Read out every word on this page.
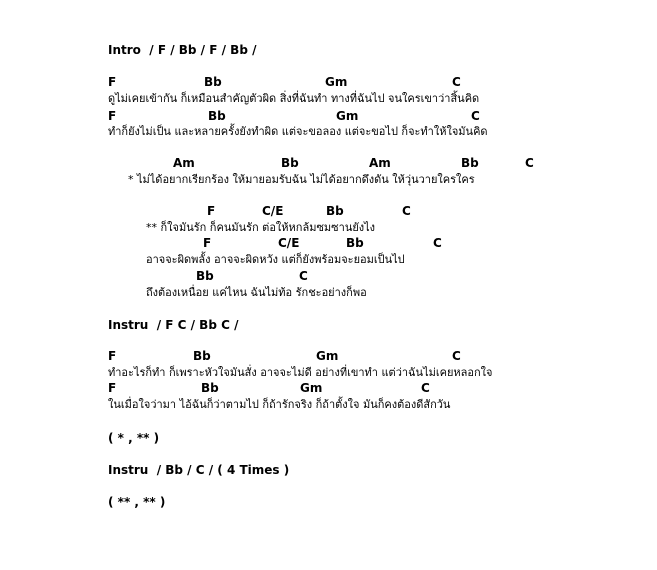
Intro  / F / Bb / F / Bb /
F	Bb	Gm	C
ดูไม่เคยเข้ากัน ก็เหมือนสำคัญตัวผิด สิ่งที่ฉันทำ ทางที่ฉันไป จนใครเขาว่าสิ้นคิด
F	Bb	Gm	C
ทำก็ยังไม่เป็น และหลายครั้งยังทำผิด แต่จะขอลอง แต่จะขอไป ก็จะทำให้ใจมันคิด
Am	Bb	Am	Bb	C
* ไม่ได้อยากเรียกร้อง ให้มายอมรับฉัน ไม่ได้อยากดึงดัน ให้วุ่นวายใครใคร
F	C/E	Bb	C
** ก็ใจมันรัก ก็คนมันรัก ต่อให้หกล้มซมซานยังไง
F	C/E	Bb	C
อาจจะผิดพลั้ง อาจจะผิดหวัง แต่ก็ยังพร้อมจะยอมเป็นไป
Bb	C
ถึงต้องเหนื่อย แค่ไหน ฉันไม่ท้อ รักชะอย่างก็พอ
Instru  / F C / Bb C /
F	Bb	Gm	C
ทำอะไรก็ทำ ก็เพราะหัวใจมันสั่ง อาจจะไม่ดี อย่างที่เขาทำ แต่ว่าฉันไม่เคยหลอกใจ
F	Bb	Gm	C
ในเมื่อใจว่ามา ไอ้ฉันก็ว่าตามไป ก็ถ้ารักจริง ก็ถ้าตั้งใจ มันก็คงต้องดีสักวัน
( * , ** )
Instru  / Bb / C / ( 4 Times )
( ** , ** )
